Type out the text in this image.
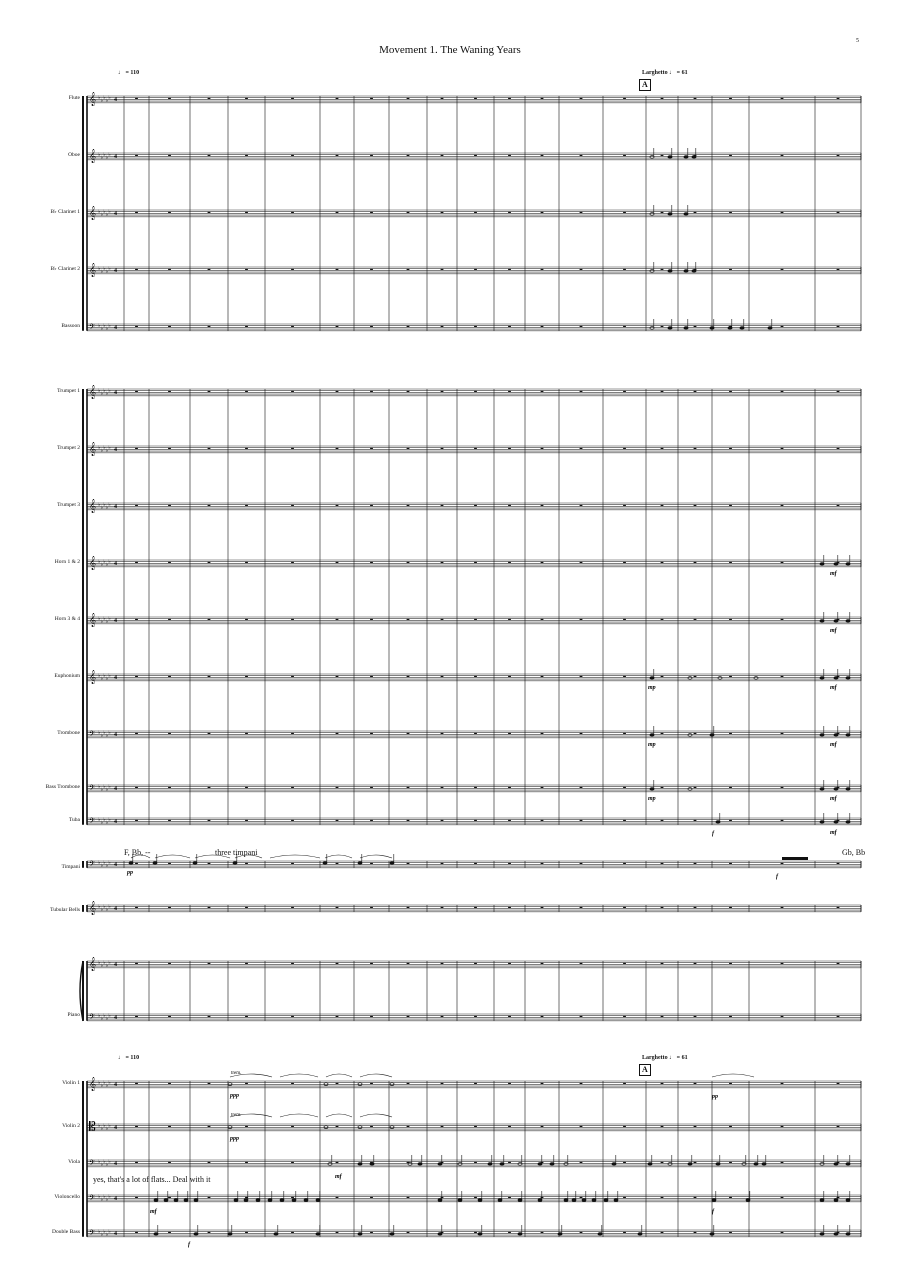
Movement 1. The Waning Years
5
♩ = 110	Larghetto ♩ = 61
A
♩ = 110	Larghetto ♩ = 61
A
F, Bb, --	three timpani	Gb, Bb
yes, that's a lot of flats... Deal with it
Flute
Oboe
B♭ Clarinet 1
B♭ Clarinet 2
Bassoon
Trumpet 1
Trumpet 2
Trumpet 3
Horn 1 & 2
Horn 3 & 4
Euphonium
Trombone
Bass Trombone
Tuba
Timpani
Tubular Bells
Piano
Violin 1
Violin 2
Viola
Violoncello
Double Bass
𝄞 ♭ ♭ ♭ ♭ ♭ 4
𝄞 ♭ ♭ ♭ ♭ ♭ 4
𝄞 ♭ ♭ ♭ ♭ ♭ 4
𝄞 ♭ ♭ ♭ ♭ ♭ 4
𝄢 ♭ ♭ ♭ ♭ ♭ 4
𝄞 ♭ ♭ ♭ ♭ ♭ 4
𝄞 ♭ ♭ ♭ ♭ ♭ 4
𝄞 ♭ ♭ ♭ ♭ ♭ 4
𝄞 ♭ ♭ ♭ ♭ ♭ 4
𝄞 ♭ ♭ ♭ ♭ ♭ 4
𝄞 ♭ ♭ ♭ ♭ ♭ 4
𝄢 ♭ ♭ ♭ ♭ ♭ 4
𝄢 ♭ ♭ ♭ ♭ ♭ 4
𝄢 ♭ ♭ ♭ ♭ ♭ 4
𝄢 ♭ ♭ ♭ ♭ ♭ 4
𝄞 ♭ ♭ ♭ ♭ ♭ 4
𝄞 ♭ ♭ ♭ ♭ ♭ 4
𝄢 ♭ ♭ ♭ ♭ ♭ 4
𝄞 ♭ ♭ ♭ ♭ ♭ 4
𝄡 ♭ ♭ ♭ ♭ ♭ 4
𝄢 ♭ ♭ ♭ ♭ ♭ 4
𝄢 ♭ ♭ ♭ ♭ ♭ 4
𝄢 ♭ ♭ ♭ ♭ ♭ 4
pp
f
mp
mp
mp
f
mf
mf
mf
mf
mf
mf
ppp
ppp
mf
mf
f
pp
f
trem.
trem.
